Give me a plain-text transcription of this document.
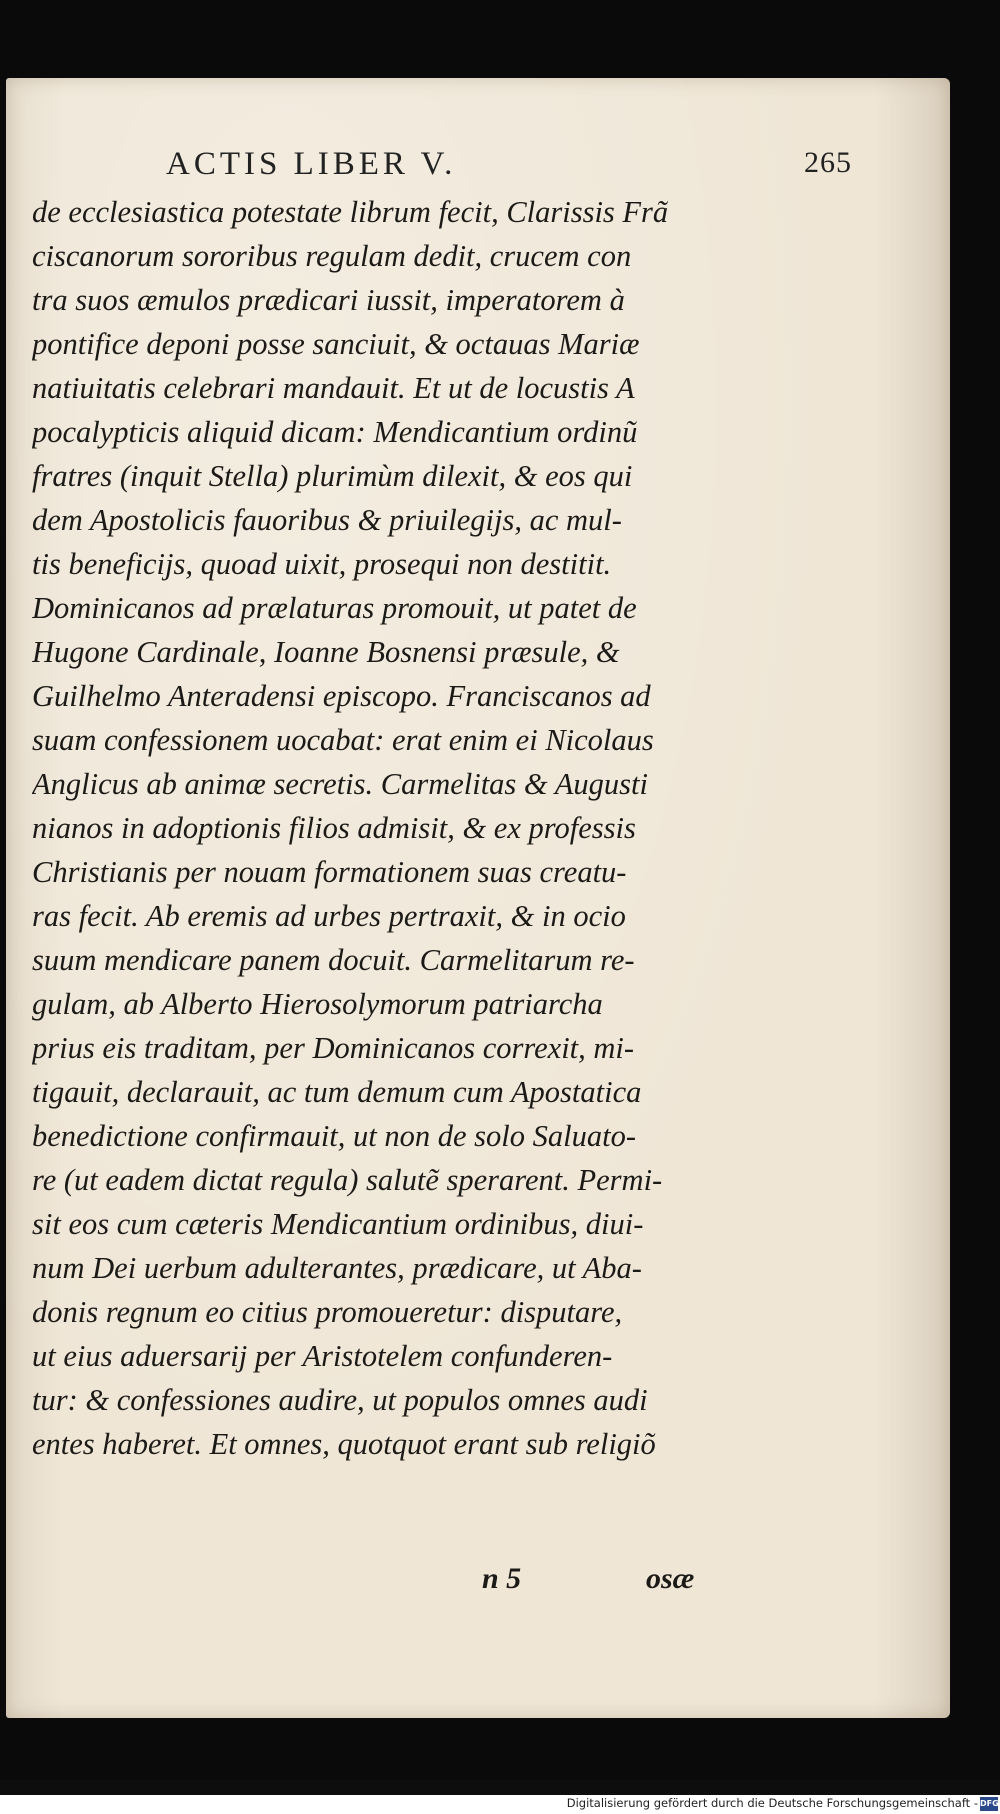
ACTIS LIBER V.	265
de ecclesiastica potestate librum fecit, Clarissis Frã
ciscanorum sororibus regulam dedit, crucem con
tra suos æmulos prædicari iussit, imperatorem à
pontifice deponi posse sanciuit, & octauas Mariæ
natiuitatis celebrari mandauit. Et ut de locustis A
pocalypticis aliquid dicam: Mendicantium ordinũ
fratres (inquit Stella) plurimùm dilexit, & eos qui
dem Apostolicis fauoribus & priuilegijs, ac mul-
tis beneficijs, quoad uixit, prosequi non destitit.
Dominicanos ad prælaturas promouit, ut patet de
Hugone Cardinale, Ioanne Bosnensi præsule, &
Guilhelmo Anteradensi episcopo. Franciscanos ad
suam confessionem uocabat: erat enim ei Nicolaus
Anglicus ab animæ secretis. Carmelitas & Augusti
nianos in adoptionis filios admisit, & ex professis
Christianis per nouam formationem suas creatu-
ras fecit. Ab eremis ad urbes pertraxit, & in ocio
suum mendicare panem docuit. Carmelitarum re-
gulam, ab Alberto Hierosolymorum patriarcha
prius eis traditam, per Dominicanos correxit, mi-
tigauit, declarauit, ac tum demum cum Apostatica
benedictione confirmauit, ut non de solo Saluato-
re (ut eadem dictat regula) salutẽ sperarent. Permi-
sit eos cum cæteris Mendicantium ordinibus, diui-
num Dei uerbum adulterantes, prædicare, ut Aba-
donis regnum eo citius promoueretur: disputare,
ut eius aduersarij per Aristotelem confunderen-
tur: & confessiones audire, ut populos omnes audi
entes haberet. Et omnes, quotquot erant sub religiõ
n 5	osæ
Digitalisierung gefördert durch die Deutsche Forschungsgemeinschaft - DFG
